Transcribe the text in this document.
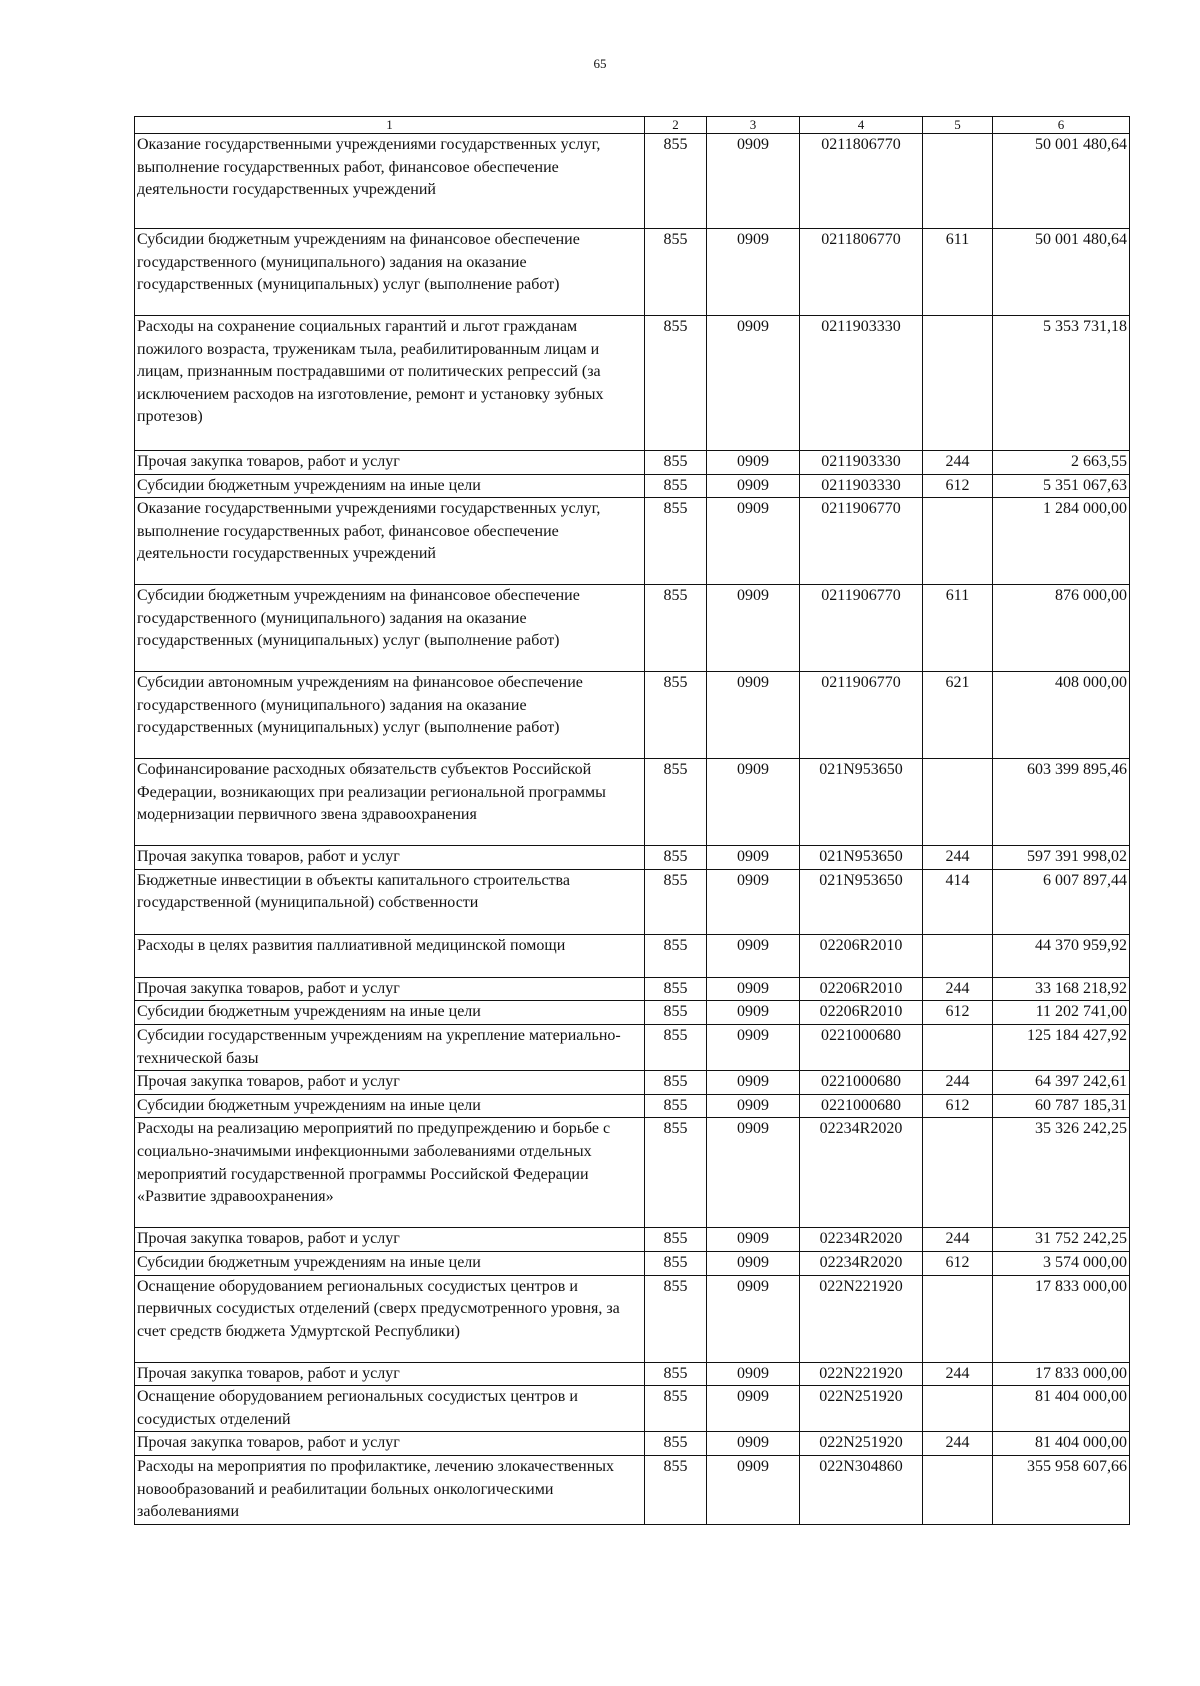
65
1	2	3	4	5	6
Оказание государственными учреждениями государственных услуг, выполнение государственных работ, финансовое обеспечение деятельности государственных учреждений	855	0909	0211806770		50 001 480,64
Субсидии бюджетным учреждениям на финансовое обеспечение государственного (муниципального) задания на оказание государственных (муниципальных) услуг (выполнение работ)	855	0909	0211806770	611	50 001 480,64
Расходы на сохранение социальных гарантий и льгот гражданам пожилого возраста, труженикам тыла, реабилитированным лицам и лицам, признанным пострадавшими от политических репрессий (за исключением расходов на изготовление, ремонт и установку зубных протезов)	855	0909	0211903330		5 353 731,18
Прочая закупка товаров, работ и услуг	855	0909	0211903330	244	2 663,55
Субсидии бюджетным учреждениям на иные цели	855	0909	0211903330	612	5 351 067,63
Оказание государственными учреждениями государственных услуг, выполнение государственных работ, финансовое обеспечение деятельности государственных учреждений	855	0909	0211906770		1 284 000,00
Субсидии бюджетным учреждениям на финансовое обеспечение государственного (муниципального) задания на оказание государственных (муниципальных) услуг (выполнение работ)	855	0909	0211906770	611	876 000,00
Субсидии автономным учреждениям на финансовое обеспечение государственного (муниципального) задания на оказание государственных (муниципальных) услуг (выполнение работ)	855	0909	0211906770	621	408 000,00
Софинансирование расходных обязательств субъектов Российской Федерации, возникающих при реализации региональной программы модернизации первичного звена здравоохранения	855	0909	021N953650		603 399 895,46
Прочая закупка товаров, работ и услуг	855	0909	021N953650	244	597 391 998,02
Бюджетные инвестиции в объекты капитального строительства государственной (муниципальной) собственности	855	0909	021N953650	414	6 007 897,44
Расходы в целях развития паллиативной медицинской помощи	855	0909	02206R2010		44 370 959,92
Прочая закупка товаров, работ и услуг	855	0909	02206R2010	244	33 168 218,92
Субсидии бюджетным учреждениям на иные цели	855	0909	02206R2010	612	11 202 741,00
Субсидии государственным учреждениям на укрепление материально-технической базы	855	0909	0221000680		125 184 427,92
Прочая закупка товаров, работ и услуг	855	0909	0221000680	244	64 397 242,61
Субсидии бюджетным учреждениям на иные цели	855	0909	0221000680	612	60 787 185,31
Расходы на реализацию мероприятий по предупреждению и борьбе с социально-значимыми инфекционными заболеваниями отдельных мероприятий государственной программы Российской Федерации «Развитие здравоохранения»	855	0909	02234R2020		35 326 242,25
Прочая закупка товаров, работ и услуг	855	0909	02234R2020	244	31 752 242,25
Субсидии бюджетным учреждениям на иные цели	855	0909	02234R2020	612	3 574 000,00
Оснащение оборудованием региональных сосудистых центров и первичных сосудистых отделений (сверх предусмотренного уровня, за счет средств бюджета Удмуртской Республики)	855	0909	022N221920		17 833 000,00
Прочая закупка товаров, работ и услуг	855	0909	022N221920	244	17 833 000,00
Оснащение оборудованием региональных сосудистых центров и сосудистых отделений	855	0909	022N251920		81 404 000,00
Прочая закупка товаров, работ и услуг	855	0909	022N251920	244	81 404 000,00
Расходы на мероприятия по профилактике, лечению злокачественных новообразований и реабилитации больных онкологическими заболеваниями	855	0909	022N304860		355 958 607,66
